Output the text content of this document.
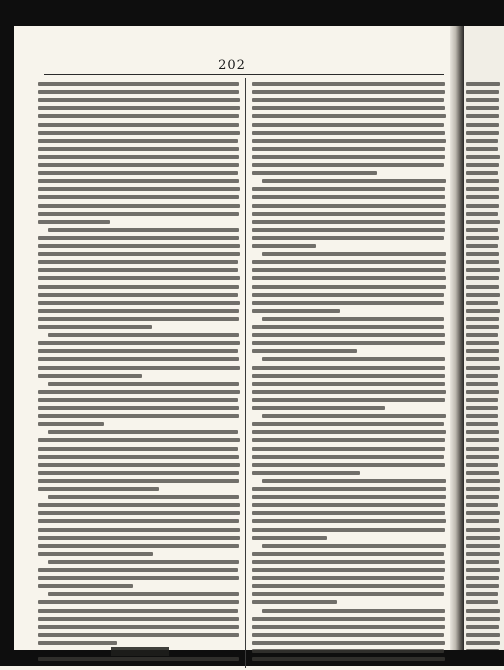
202
